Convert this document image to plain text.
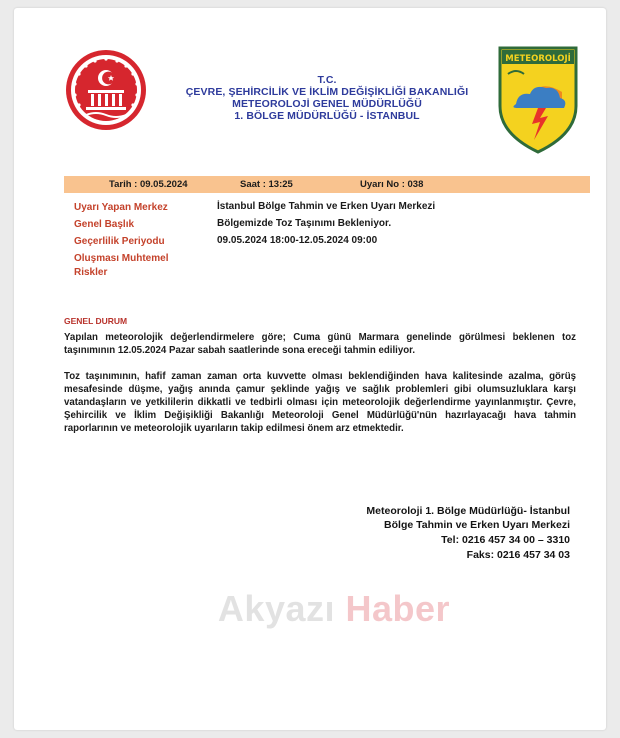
T.C.
ÇEVRE, ŞEHİRCİLİK VE İKLİM DEĞİŞİKLİĞİ BAKANLIĞI
METEOROLOJİ GENEL MÜDÜRLÜĞÜ
1. BÖLGE MÜDÜRLÜĞÜ - İSTANBUL
METEOROLOJİ
Tarih : 09.05.2024	Saat : 13:25	Uyarı No : 038
Uyarı Yapan Merkez	İstanbul Bölge Tahmin ve Erken Uyarı Merkezi
Genel Başlık	Bölgemizde Toz Taşınımı Bekleniyor.
Geçerlilik Periyodu	09.05.2024 18:00-12.05.2024 09:00
Oluşması Muhtemel
Riskler
GENEL DURUM
Yapılan meteorolojik değerlendirmelere göre; Cuma günü Marmara genelinde görülmesi beklenen toz taşınımının 12.05.2024 Pazar sabah saatlerinde sona ereceği tahmin ediliyor.
Toz taşınımının, hafif zaman zaman orta kuvvette olması beklendiğinden hava kalitesinde azalma, görüş mesafesinde düşme, yağış anında çamur şeklinde yağış ve sağlık problemleri gibi olumsuzluklara karşı vatandaşların ve yetkililerin dikkatli ve tedbirli olması için meteorolojik değerlendirme yayınlanmıştır. Çevre, Şehircilik ve İklim Değişikliği Bakanlığı Meteoroloji Genel Müdürlüğü'nün hazırlayacağı hava tahmin raporlarının ve meteorolojik uyarıların takip edilmesi önem arz etmektedir.
Meteoroloji 1. Bölge Müdürlüğü- İstanbul
Bölge Tahmin ve Erken Uyarı Merkezi
Tel: 0216 457 34 00 – 3310
Faks: 0216 457 34 03
Akyazı Haber
